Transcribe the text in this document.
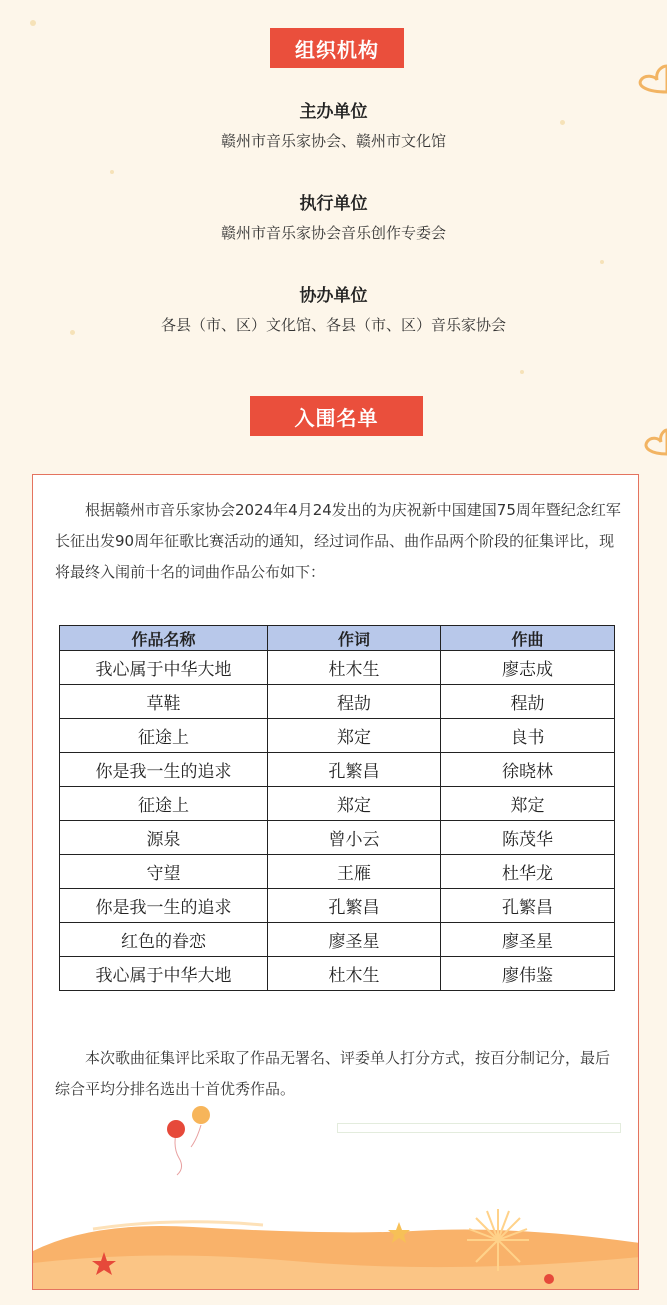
组织机构
主办单位
赣州市音乐家协会、赣州市文化馆
执行单位
赣州市音乐家协会音乐创作专委会
协办单位
各县（市、区）文化馆、各县（市、区）音乐家协会
入围名单

根据赣州市音乐家协会2024年4月24发出的为庆祝新中国建国75周年暨纪念红军长征出发90周年征歌比赛活动的通知，经过词作品、曲作品两个阶段的征集评比，现将最终入闱前十名的词曲作品公布如下：

作品名称	作词	作曲
我心属于中华大地	杜木生	廖志成
草鞋	程劼	程劼
征途上	郑定	良书
你是我一生的追求	孔繁昌	徐晓林
征途上	郑定	郑定
源泉	曾小云	陈茂华
守望	王雁	杜华龙
你是我一生的追求	孔繁昌	孔繁昌
红色的眷恋	廖圣星	廖圣星
我心属于中华大地	杜木生	廖伟鉴

本次歌曲征集评比采取了作品无署名、评委单人打分方式，按百分制记分，最后综合平均分排名选出十首优秀作品。
